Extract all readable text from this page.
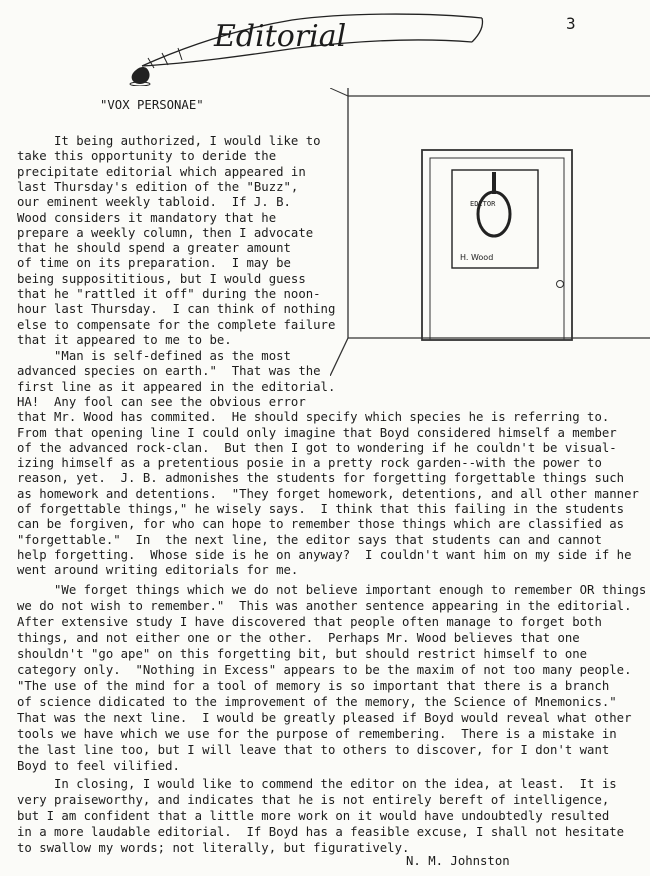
Editorial	3
"VOX PERSONAE"
EDITOR
H. Wood
It being authorized, I would like to
take this opportunity to deride the
precipitate editorial which appeared in
last Thursday's edition of the "Buzz",
our eminent weekly tabloid.  If J. B.
Wood considers it mandatory that he
prepare a weekly column, then I advocate
that he should spend a greater amount
of time on its preparation.  I may be
being supposititious, but I would guess
that he "rattled it off" during the noon-
hour last Thursday.  I can think of nothing
else to compensate for the complete failure
that it appeared to me to be.
"Man is self-defined as the most
advanced species on earth."  That was the
first line as it appeared in the editorial.
HA!  Any fool can see the obvious error
that Mr. Wood has commited.  He should specify which species he is referring to.
From that opening line I could only imagine that Boyd considered himself a member
of the advanced rock-clan.  But then I got to wondering if he couldn't be visual-
izing himself as a pretentious posie in a pretty rock garden--with the power to
reason, yet.  J. B. admonishes the students for forgetting forgettable things such
as homework and detentions.  "They forget homework, detentions, and all other manner
of forgettable things," he wisely says.  I think that this failing in the students
can be forgiven, for who can hope to remember those things which are classified as
"forgettable."  In  the next line, the editor says that students can and cannot
help forgetting.  Whose side is he on anyway?  I couldn't want him on my side if he
went around writing editorials for me.
"We forget things which we do not believe important enough to remember OR things
we do not wish to remember."  This was another sentence appearing in the editorial.
After extensive study I have discovered that people often manage to forget both
things, and not either one or the other.  Perhaps Mr. Wood believes that one
shouldn't "go ape" on this forgetting bit, but should restrict himself to one
category only.  "Nothing in Excess" appears to be the maxim of not too many people.
"The use of the mind for a tool of memory is so important that there is a branch
of science didicated to the improvement of the memory, the Science of Mnemonics."
That was the next line.  I would be greatly pleased if Boyd would reveal what other
tools we have which we use for the purpose of remembering.  There is a mistake in
the last line too, but I will leave that to others to discover, for I don't want
Boyd to feel vilified.
In closing, I would like to commend the editor on the idea, at least.  It is
very praiseworthy, and indicates that he is not entirely bereft of intelligence,
but I am confident that a little more work on it would have undoubtedly resulted
in a more laudable editorial.  If Boyd has a feasible excuse, I shall not hesitate
to swallow my words; not literally, but figuratively.
N. M. Johnston
